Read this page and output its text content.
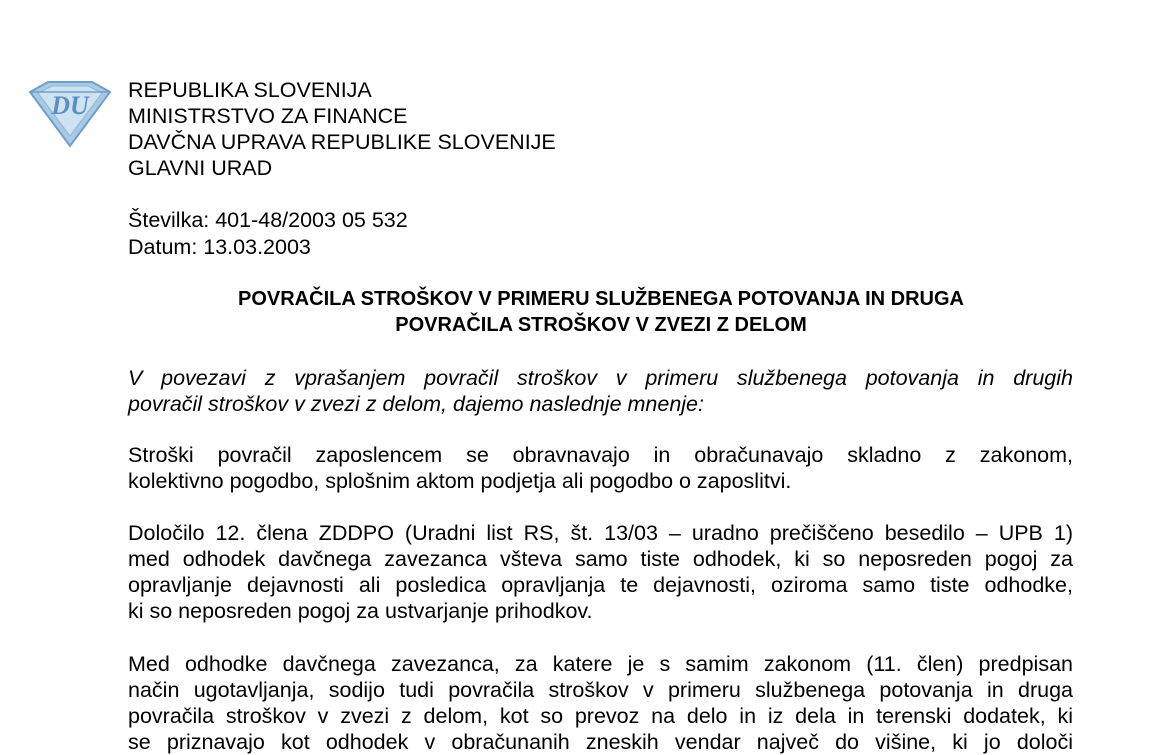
DU
REPUBLIKA SLOVENIJA
MINISTRSTVO ZA FINANCE
DAVČNA UPRAVA REPUBLIKE SLOVENIJE
GLAVNI URAD
Številka: 401-48/2003 05 532
Datum: 13.03.2003
POVRAČILA STROŠKOV V PRIMERU SLUŽBENEGA POTOVANJA IN DRUGA
POVRAČILA STROŠKOV V ZVEZI Z DELOM
V povezavi z vprašanjem povračil stroškov v primeru službenega potovanja in drugih
povračil stroškov v zvezi z delom, dajemo naslednje mnenje:
Stroški povračil zaposlencem se obravnavajo in obračunavajo skladno z zakonom,
kolektivno pogodbo, splošnim aktom podjetja ali pogodbo o zaposlitvi.
Določilo 12. člena ZDDPO (Uradni list RS, št. 13/03 – uradno prečiščeno besedilo – UPB 1)
med odhodek davčnega zavezanca všteva samo tiste odhodek, ki so neposreden pogoj za
opravljanje dejavnosti ali posledica opravljanja te dejavnosti, oziroma samo tiste odhodke,
ki so neposreden pogoj za ustvarjanje prihodkov.
Med odhodke davčnega zavezanca, za katere je s samim zakonom (11. člen) predpisan
način ugotavljanja, sodijo tudi povračila stroškov v primeru službenega potovanja in druga
povračila stroškov v zvezi z delom, kot so prevoz na delo in iz dela in terenski dodatek, ki
se priznavajo kot odhodek v obračunanih zneskih vendar največ do višine, ki jo določi
